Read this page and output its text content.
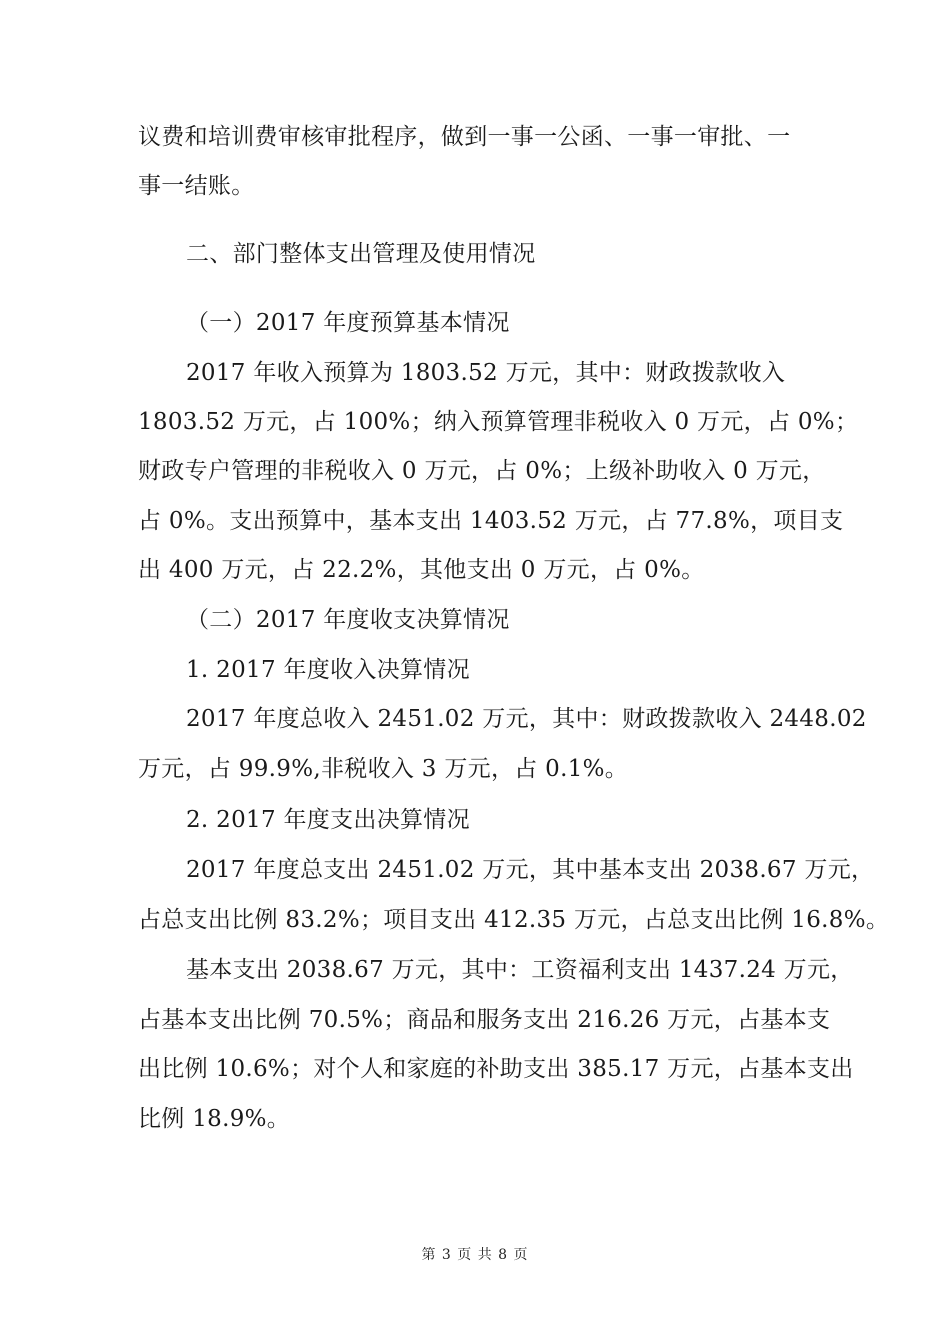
议费和培训费审核审批程序，做到一事一公函、一事一审批、一
事一结账。
二、部门整体支出管理及使用情况
（一）2017 年度预算基本情况
2017 年收入预算为 1803.52 万元，其中：财政拨款收入
1803.52 万元，占 100%；纳入预算管理非税收入 0 万元，占 0%；
财政专户管理的非税收入 0 万元，占 0%；上级补助收入 0 万元，
占 0%。支出预算中，基本支出 1403.52 万元，占 77.8%，项目支
出 400 万元，占 22.2%，其他支出 0 万元，占 0%。
（二）2017 年度收支决算情况
1. 2017 年度收入决算情况
2017 年度总收入 2451.02 万元，其中：财政拨款收入 2448.02
万元，占 99.9%,非税收入 3 万元，占 0.1%。
2. 2017 年度支出决算情况
2017 年度总支出 2451.02 万元，其中基本支出 2038.67 万元，
占总支出比例 83.2%；项目支出 412.35 万元，占总支出比例 16.8%。
基本支出 2038.67 万元，其中：工资福利支出 1437.24 万元，
占基本支出比例 70.5%；商品和服务支出 216.26 万元，占基本支
出比例 10.6%；对个人和家庭的补助支出 385.17 万元，占基本支出
比例 18.9%。
第 3 页 共 8 页
